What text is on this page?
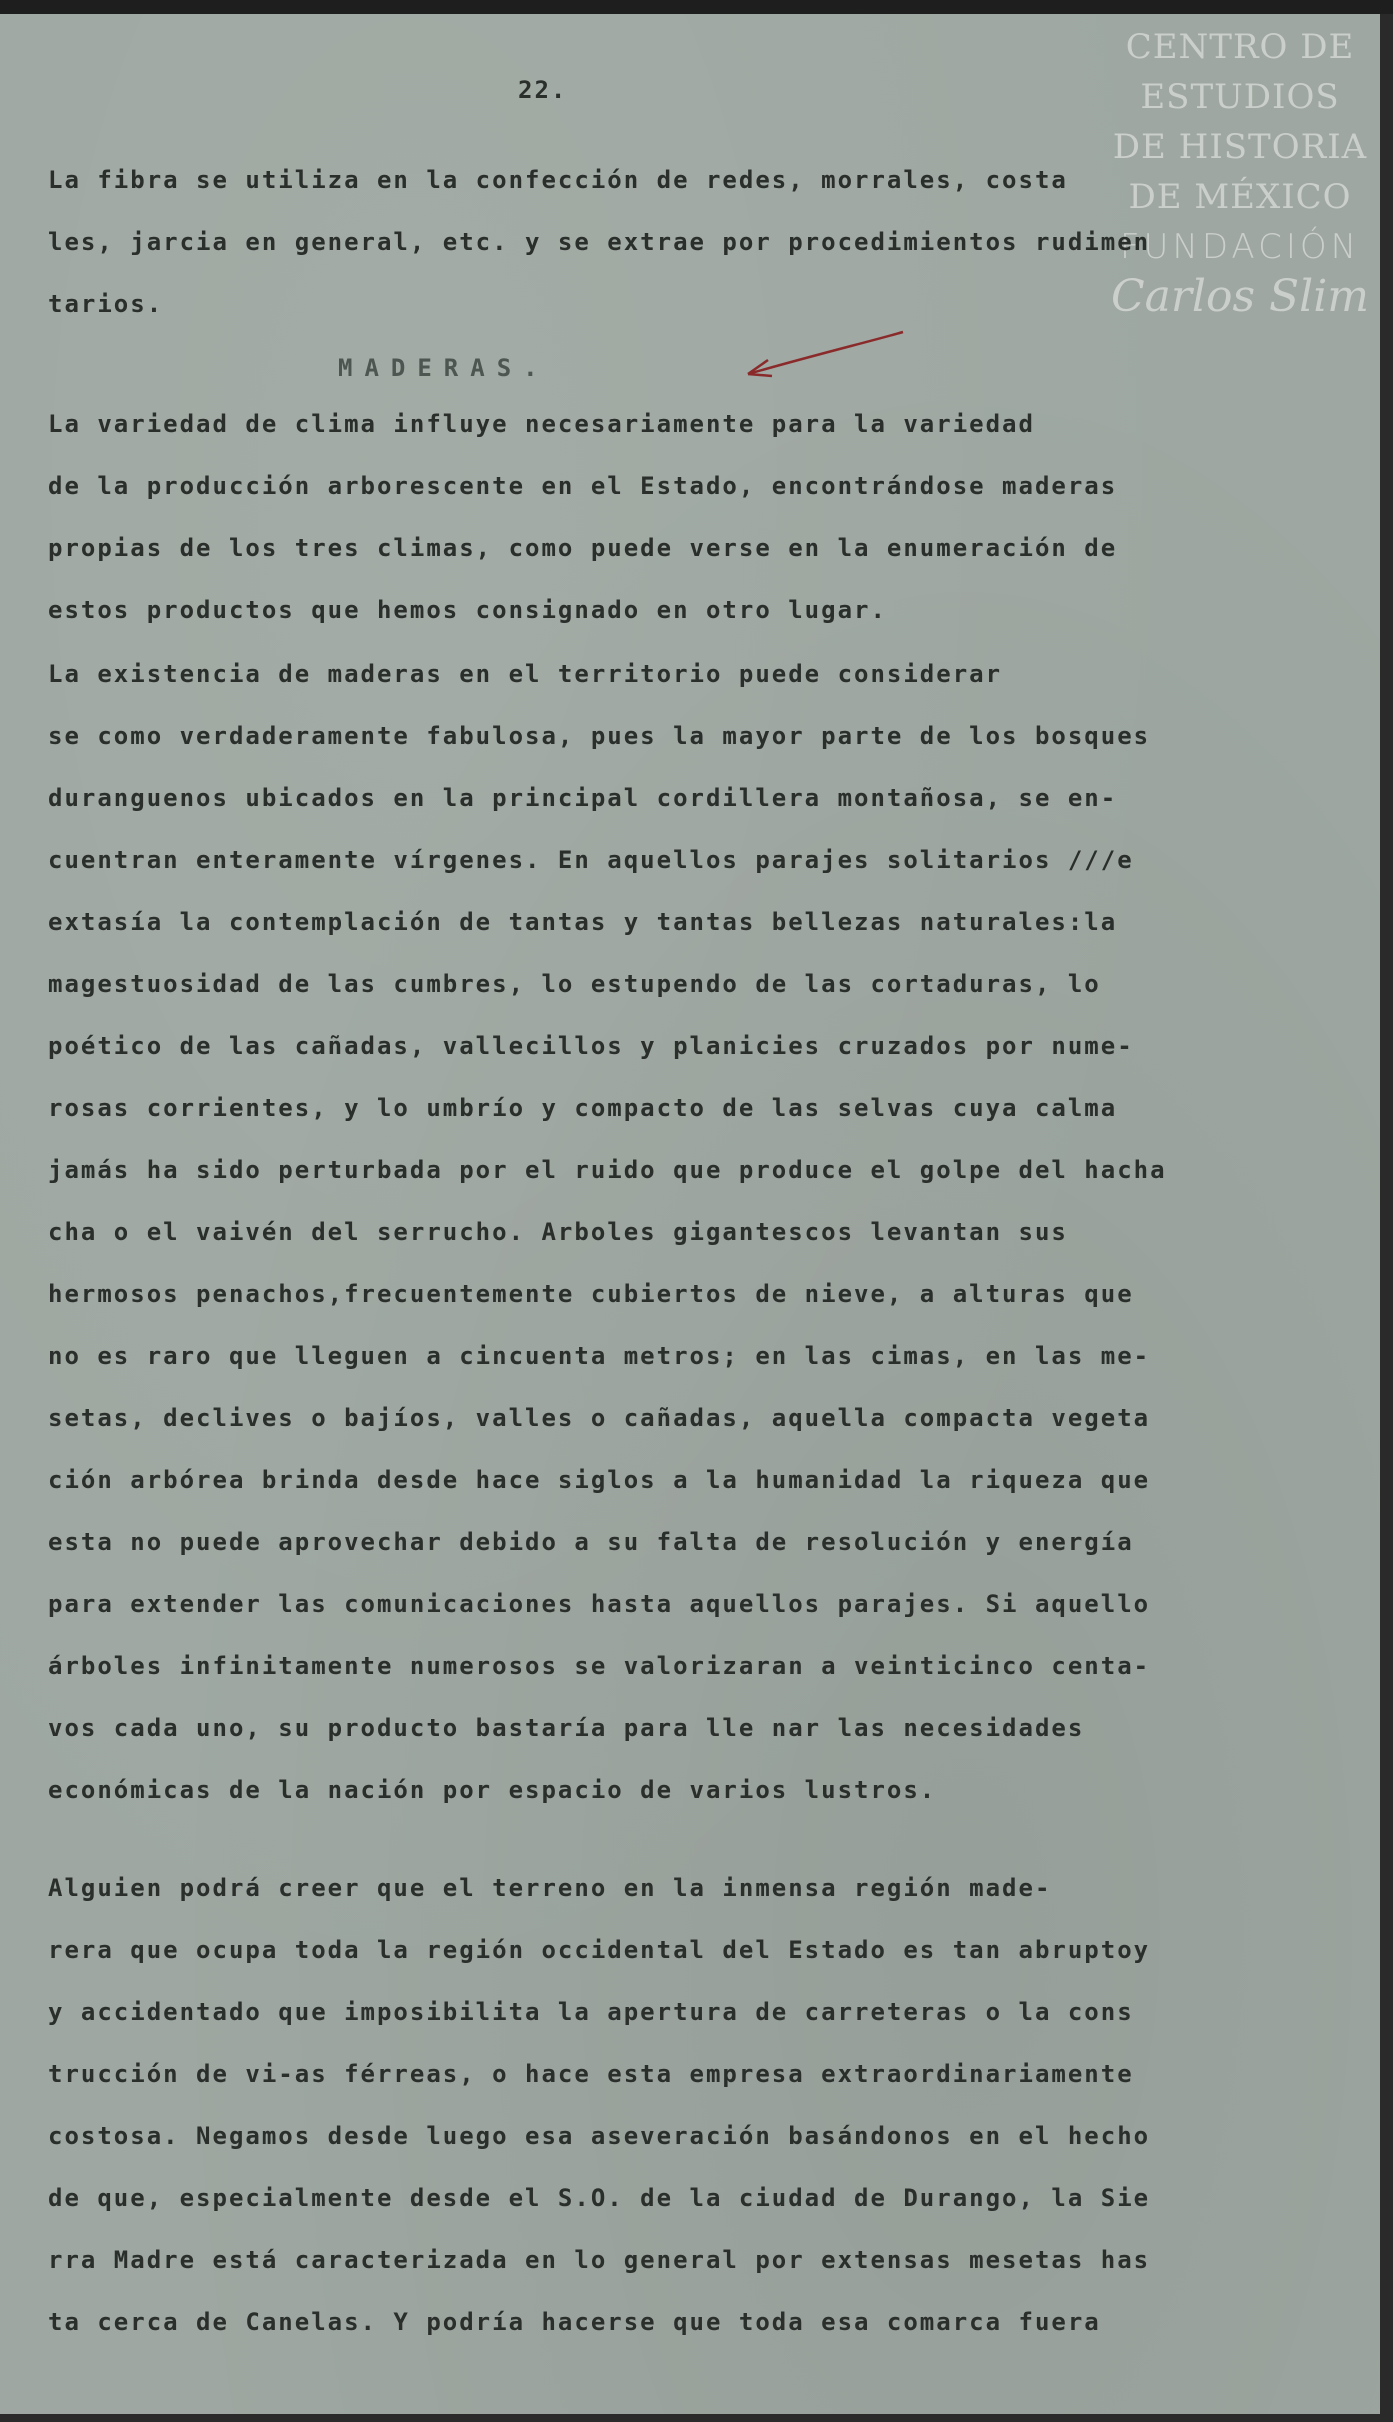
CENTRO DE
ESTUDIOS
DE HISTORIA
DE MÉXICO
FUNDACIÓN
Carlos Slim
22.
MADERAS.
La fibra se utiliza en la confección de redes, morrales, costa
les, jarcia en general, etc. y se extrae por procedimientos rudimen
tarios.
La variedad de clima influye necesariamente para la variedad
de la producción arborescente en el Estado, encontrándose maderas
propias de los tres climas, como puede verse en la enumeración de
estos productos que hemos consignado en otro lugar.
La existencia de maderas en el territorio puede considerar
se como verdaderamente fabulosa, pues la mayor parte de los bosques
duranguenos ubicados en la principal cordillera montañosa, se en-
cuentran enteramente vírgenes. En aquellos parajes solitarios ///e
extasía la contemplación de tantas y tantas bellezas naturales:la
magestuosidad de las cumbres, lo estupendo de las cortaduras, lo
poético de las cañadas, vallecillos y planicies cruzados por nume-
rosas corrientes, y lo umbrío y compacto de las selvas cuya calma
jamás ha sido perturbada por el ruido que produce el golpe del hacha
cha o el vaivén del serrucho. Arboles gigantescos levantan sus
hermosos penachos,frecuentemente cubiertos de nieve, a alturas que
no es raro que lleguen a cincuenta metros; en las cimas, en las me-
setas, declives o bajíos, valles o cañadas, aquella compacta vegeta
ción arbórea brinda desde hace siglos a la humanidad la riqueza que
esta no puede aprovechar debido a su falta de resolución y energía
para extender las comunicaciones hasta aquellos parajes. Si aquello
árboles infinitamente numerosos se valorizaran a veinticinco centa-
vos cada uno, su producto bastaría para lle nar las necesidades
económicas de la nación por espacio de varios lustros.
Alguien podrá creer que el terreno en la inmensa región made-
rera que ocupa toda la región occidental del Estado es tan abruptoy
y accidentado que imposibilita la apertura de carreteras o la cons
trucción de vi-as férreas, o hace esta empresa extraordinariamente
costosa. Negamos desde luego esa aseveración basándonos en el hecho
de que, especialmente desde el S.O. de la ciudad de Durango, la Sie
rra Madre está caracterizada en lo general por extensas mesetas has
ta cerca de Canelas. Y podría hacerse que toda esa comarca fuera
